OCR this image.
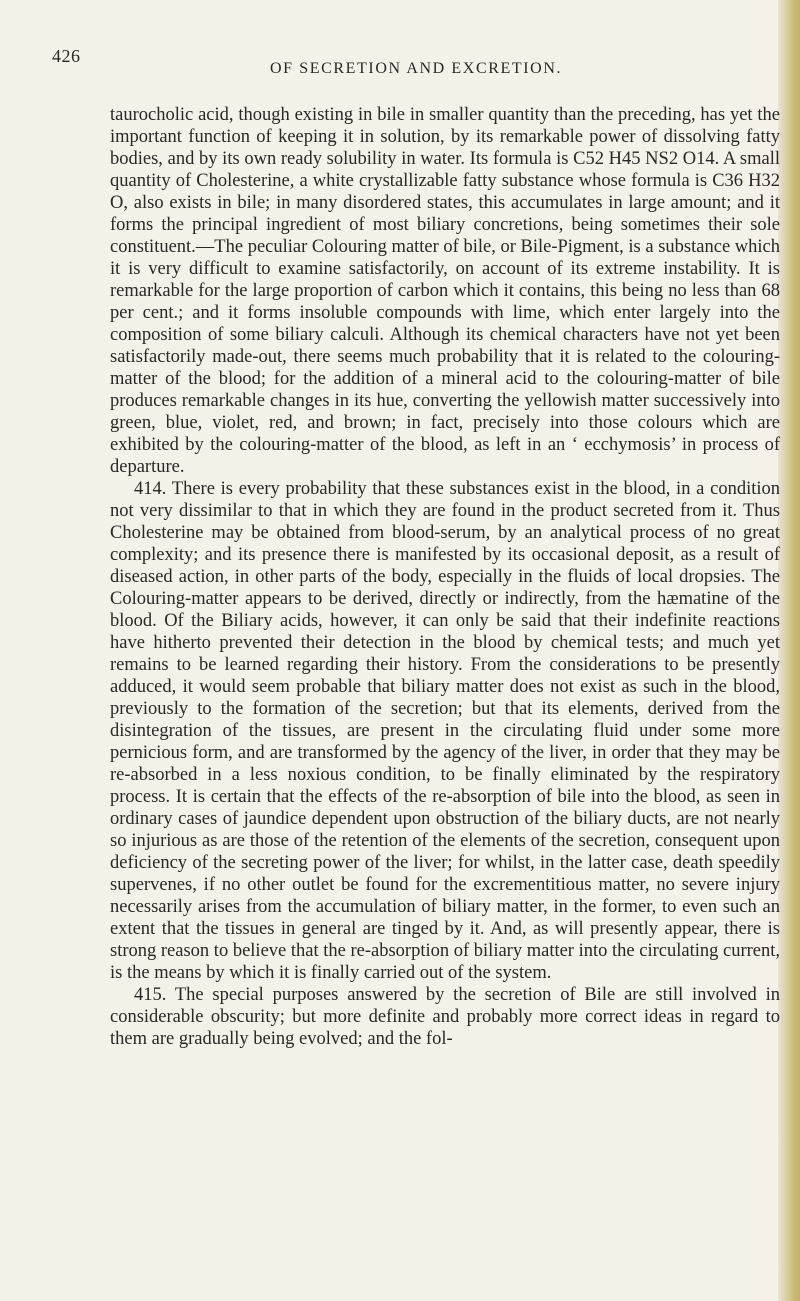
426
OF SECRETION AND EXCRETION.

taurocholic acid, though existing in bile in smaller quantity than the preceding, has yet the important function of keeping it in solution, by its remarkable power of dissolving fatty bodies, and by its own ready solubility in water. Its formula is C52 H45 NS2 O14. A small quantity of Cholesterine, a white crystallizable fatty substance whose formula is C36 H32 O, also exists in bile; in many disordered states, this accumulates in large amount; and it forms the principal ingredient of most biliary concretions, being sometimes their sole constituent.—The peculiar Colouring matter of bile, or Bile-Pigment, is a substance which it is very difficult to examine satisfactorily, on account of its extreme instability. It is remarkable for the large proportion of carbon which it contains, this being no less than 68 per cent.; and it forms insoluble compounds with lime, which enter largely into the composition of some biliary calculi. Although its chemical characters have not yet been satisfactorily made-out, there seems much probability that it is related to the colouring-matter of the blood; for the addition of a mineral acid to the colouring-matter of bile produces remarkable changes in its hue, converting the yellowish matter successively into green, blue, violet, red, and brown; in fact, precisely into those colours which are exhibited by the colouring-matter of the blood, as left in an ‘ ecchymosis’ in process of departure.

414. There is every probability that these substances exist in the blood, in a condition not very dissimilar to that in which they are found in the product secreted from it. Thus Cholesterine may be obtained from blood-serum, by an analytical process of no great complexity; and its presence there is manifested by its occasional deposit, as a result of diseased action, in other parts of the body, especially in the fluids of local dropsies. The Colouring-matter appears to be derived, directly or indirectly, from the hæmatine of the blood. Of the Biliary acids, however, it can only be said that their indefinite reactions have hitherto prevented their detection in the blood by chemical tests; and much yet remains to be learned regarding their history. From the considerations to be presently adduced, it would seem probable that biliary matter does not exist as such in the blood, previously to the formation of the secretion; but that its elements, derived from the disintegration of the tissues, are present in the circulating fluid under some more pernicious form, and are transformed by the agency of the liver, in order that they may be re-absorbed in a less noxious condition, to be finally eliminated by the respiratory process. It is certain that the effects of the re-absorption of bile into the blood, as seen in ordinary cases of jaundice dependent upon obstruction of the biliary ducts, are not nearly so injurious as are those of the retention of the elements of the secretion, consequent upon deficiency of the secreting power of the liver; for whilst, in the latter case, death speedily supervenes, if no other outlet be found for the excrementitious matter, no severe injury necessarily arises from the accumulation of biliary matter, in the former, to even such an extent that the tissues in general are tinged by it. And, as will presently appear, there is strong reason to believe that the re-absorption of biliary matter into the circulating current, is the means by which it is finally carried out of the system.

415. The special purposes answered by the secretion of Bile are still involved in considerable obscurity; but more definite and probably more correct ideas in regard to them are gradually being evolved; and the fol-
